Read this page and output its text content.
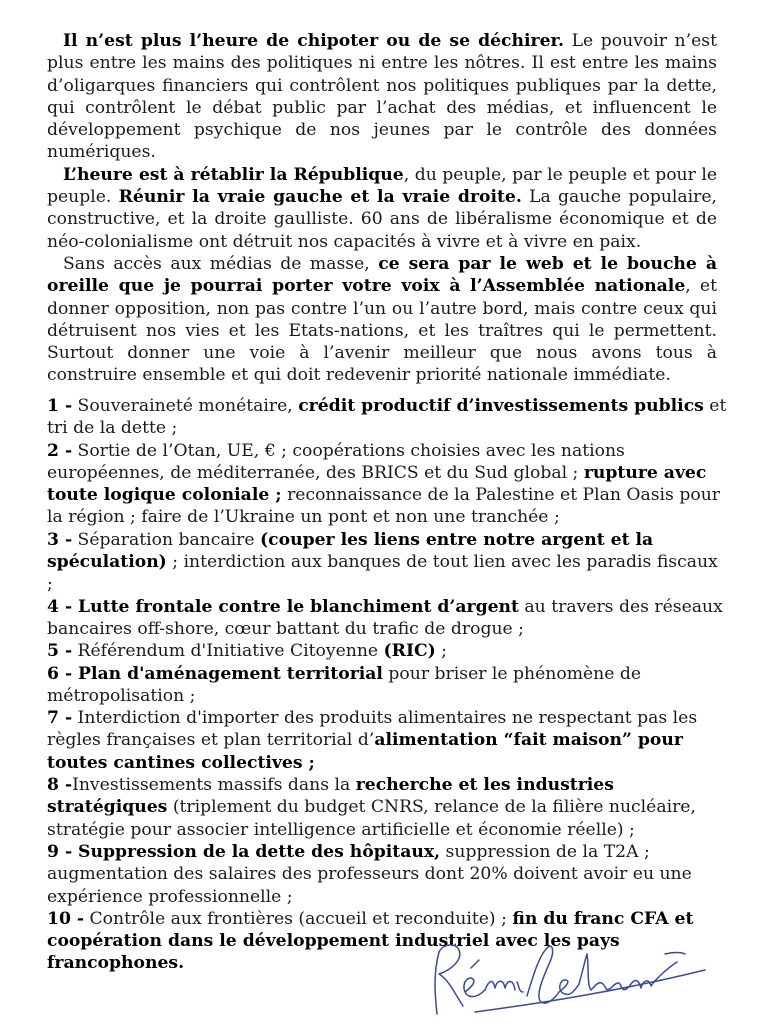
Il n’est plus l’heure de chipoter ou de se déchirer. Le pouvoir n’est plus entre les mains des politiques ni entre les nôtres. Il est entre les mains d’oligarques financiers qui contrôlent nos politiques publiques par la dette, qui contrôlent le débat public par l’achat des médias, et influencent le développement psychique de nos jeunes par le contrôle des données numériques.

L’heure est à rétablir la République, du peuple, par le peuple et pour le peuple. Réunir la vraie gauche et la vraie droite. La gauche populaire, constructive, et la droite gaulliste. 60 ans de libéralisme économique et de néo-colonialisme ont détruit nos capacités à vivre et à vivre en paix.

Sans accès aux médias de masse, ce sera par le web et le bouche à oreille que je pourrai porter votre voix à l’Assemblée nationale, et donner opposition, non pas contre l’un ou l’autre bord, mais contre ceux qui détruisent nos vies et les Etats-nations, et les traîtres qui le permettent. Surtout donner une voie à l’avenir meilleur que nous avons tous à construire ensemble et qui doit redevenir priorité nationale immédiate.

1 - Souveraineté monétaire, crédit productif d’investissements publics et tri de la dette ;
2 - Sortie de l’Otan, UE, € ; coopérations choisies avec les nations européennes, de méditerranée, des BRICS et du Sud global ; rupture avec toute logique coloniale ; reconnaissance de la Palestine et Plan Oasis pour la région ; faire de l’Ukraine un pont et non une tranchée ;
3 - Séparation bancaire (couper les liens entre notre argent et la spéculation) ; interdiction aux banques de tout lien avec les paradis fiscaux ;
4 - Lutte frontale contre le blanchiment d’argent au travers des réseaux bancaires off-shore, cœur battant du trafic de drogue ;
5 - Référendum d'Initiative Citoyenne (RIC) ;
6 - Plan d'aménagement territorial pour briser le phénomène de métropolisation ;
7 - Interdiction d'importer des produits alimentaires ne respectant pas les règles françaises et plan territorial d’alimentation “fait maison” pour toutes cantines collectives ;
8 -Investissements massifs dans la recherche et les industries stratégiques (triplement du budget CNRS, relance de la filière nucléaire, stratégie pour associer intelligence artificielle et économie réelle) ;
9 - Suppression de la dette des hôpitaux, suppression de la T2A ; augmentation des salaires des professeurs dont 20% doivent avoir eu une expérience professionnelle ;
10 - Contrôle aux frontières (accueil et reconduite) ; fin du franc CFA et coopération dans le développement industriel avec les pays francophones.
